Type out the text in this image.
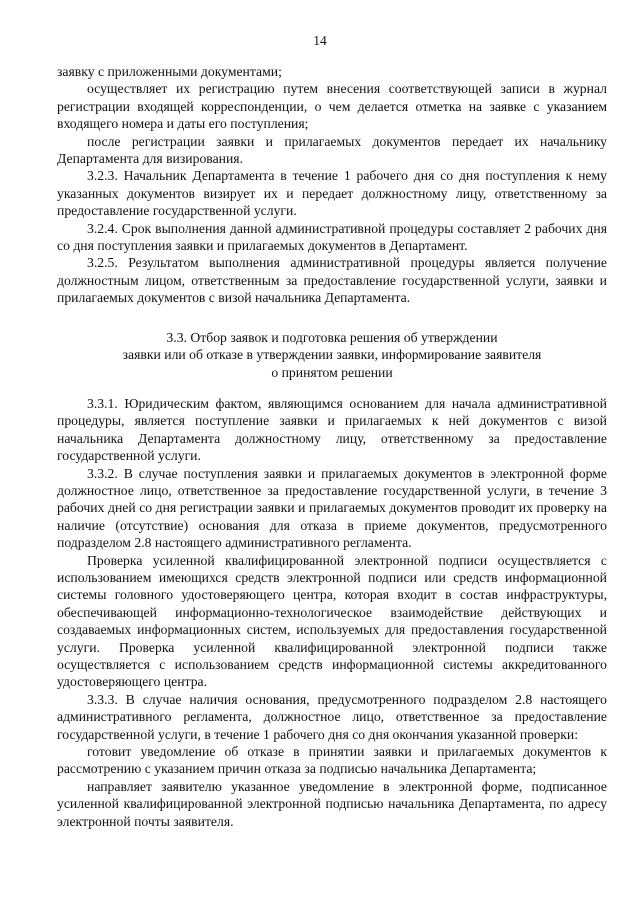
14

заявку с приложенными документами;

осуществляет их регистрацию путем внесения соответствующей записи в журнал регистрации входящей корреспонденции, о чем делается отметка на заявке с указанием входящего номера и даты его поступления;

после регистрации заявки и прилагаемых документов передает их начальнику Департамента для визирования.

3.2.3. Начальник Департамента в течение 1 рабочего дня со дня поступления к нему указанных документов визирует их и передает должностному лицу, ответственному за предоставление государственной услуги.

3.2.4. Срок выполнения данной административной процедуры составляет 2 рабочих дня со дня поступления заявки и прилагаемых документов в Департамент.

3.2.5. Результатом выполнения административной процедуры является получение должностным лицом, ответственным за предоставление государственной услуги, заявки и прилагаемых документов с визой начальника Департамента.

3.3. Отбор заявок и подготовка решения об утверждении
заявки или об отказе в утверждении заявки, информирование заявителя
о принятом решении

3.3.1. Юридическим фактом, являющимся основанием для начала административной процедуры, является поступление заявки и прилагаемых к ней документов с визой начальника Департамента должностному лицу, ответственному за предоставление государственной услуги.

3.3.2. В случае поступления заявки и прилагаемых документов в электронной форме должностное лицо, ответственное за предоставление государственной услуги, в течение 3 рабочих дней со дня регистрации заявки и прилагаемых документов проводит их проверку на наличие (отсутствие) основания для отказа в приеме документов, предусмотренного подразделом 2.8 настоящего административного регламента.

Проверка усиленной квалифицированной электронной подписи осуществляется с использованием имеющихся средств электронной подписи или средств информационной системы головного удостоверяющего центра, которая входит в состав инфраструктуры, обеспечивающей информационно-технологическое взаимодействие действующих и создаваемых информационных систем, используемых для предоставления государственной услуги. Проверка усиленной квалифицированной электронной подписи также осуществляется с использованием средств информационной системы аккредитованного удостоверяющего центра.

3.3.3. В случае наличия основания, предусмотренного подразделом 2.8 настоящего административного регламента, должностное лицо, ответственное за предоставление государственной услуги, в течение 1 рабочего дня со дня окончания указанной проверки:

готовит уведомление об отказе в принятии заявки и прилагаемых документов к рассмотрению с указанием причин отказа за подписью начальника Департамента;

направляет заявителю указанное уведомление в электронной форме, подписанное усиленной квалифицированной электронной подписью начальника Департамента, по адресу электронной почты заявителя.
